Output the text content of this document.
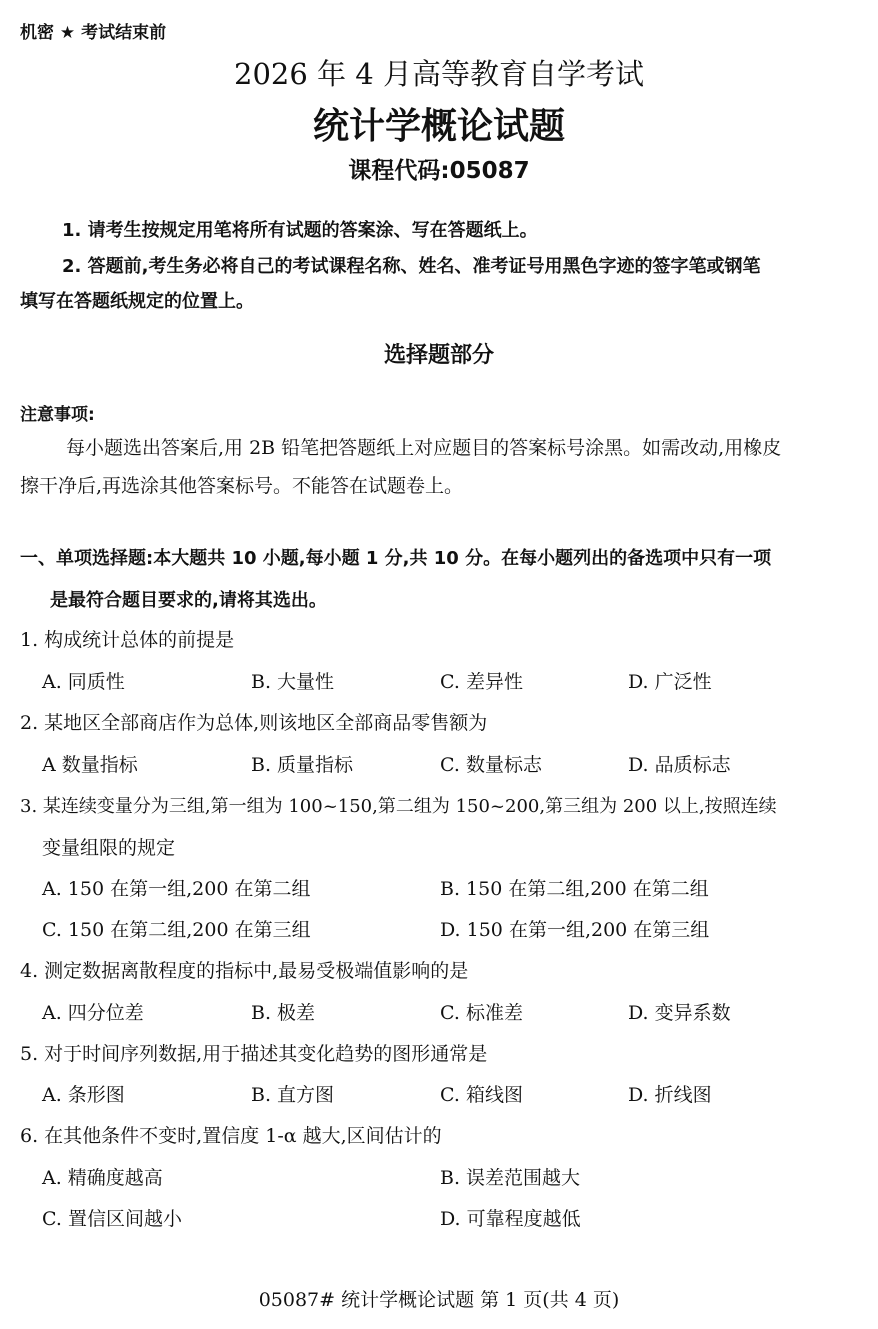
机密 ★ 考试结束前
2026 年 4 月高等教育自学考试
统计学概论试题
课程代码:05087
1. 请考生按规定用笔将所有试题的答案涂、写在答题纸上。
2. 答题前,考生务必将自己的考试课程名称、姓名、准考证号用黑色字迹的签字笔或钢笔
填写在答题纸规定的位置上。
选择题部分
注意事项:
每小题选出答案后,用 2B 铅笔把答题纸上对应题目的答案标号涂黑。如需改动,用橡皮
擦干净后,再选涂其他答案标号。不能答在试题卷上。
一、单项选择题:本大题共 10 小题,每小题 1 分,共 10 分。在每小题列出的备选项中只有一项
是最符合题目要求的,请将其选出。
1. 构成统计总体的前提是
A. 同质性	B. 大量性	C. 差异性	D. 广泛性
2. 某地区全部商店作为总体,则该地区全部商品零售额为
A 数量指标	B. 质量指标	C. 数量标志	D. 品质标志
3. 某连续变量分为三组,第一组为 100~150,第二组为 150~200,第三组为 200 以上,按照连续
变量组限的规定
A. 150 在第一组,200 在第二组	B. 150 在第二组,200 在第二组
C. 150 在第二组,200 在第三组	D. 150 在第一组,200 在第三组
4. 测定数据离散程度的指标中,最易受极端值影响的是
A. 四分位差	B. 极差	C. 标准差	D. 变异系数
5. 对于时间序列数据,用于描述其变化趋势的图形通常是
A. 条形图	B. 直方图	C. 箱线图	D. 折线图
6. 在其他条件不变时,置信度 1-α 越大,区间估计的
A. 精确度越高	B. 误差范围越大
C. 置信区间越小	D. 可靠程度越低
05087# 统计学概论试题 第 1 页(共 4 页)
